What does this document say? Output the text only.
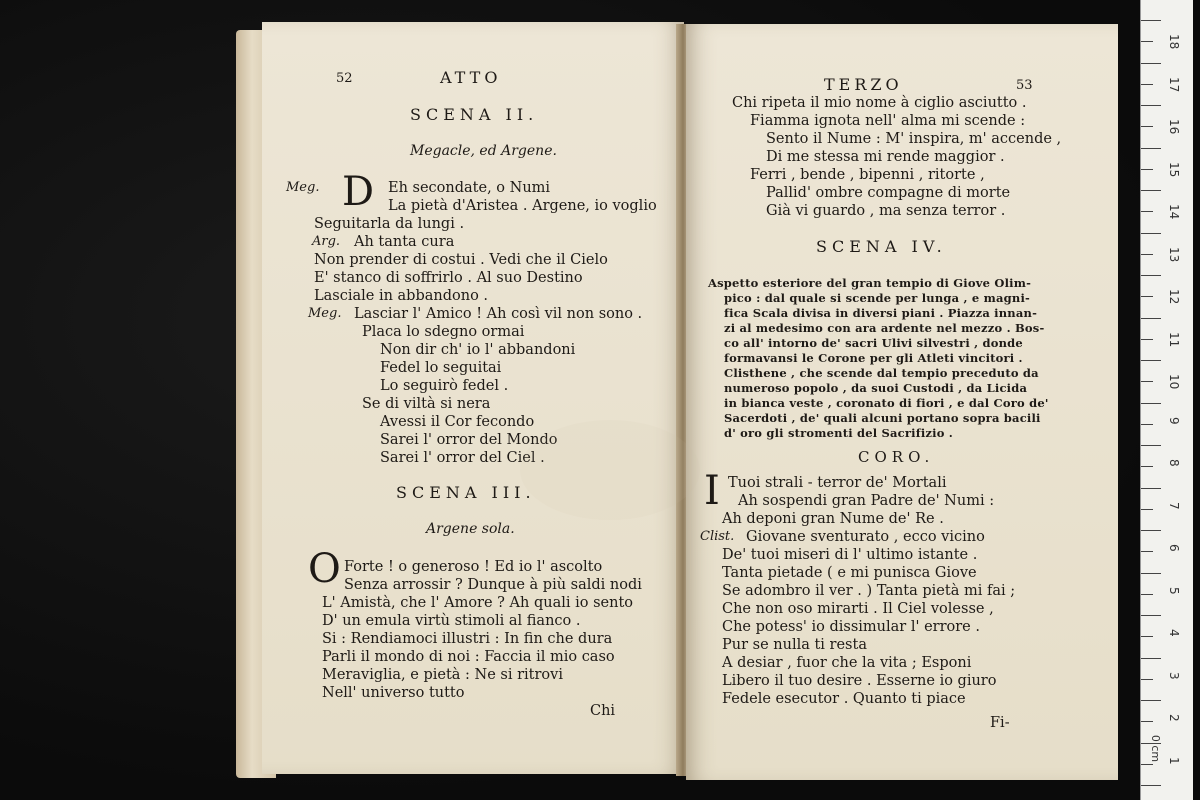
52	ATTO
SCENA II.
Megacle, ed Argene.
D
Meg.	Eh secondate, o Numi
La pietà d'Aristea . Argene, io voglio
Seguitarla da lungi .
Arg. Ah tanta cura
Non prender di costui . Vedi che il Cielo
E' stanco di soffrirlo . Al suo Destino
Lasciale in abbandono .
Meg. Lasciar l' Amico ! Ah così vil non sono .
Placa lo sdegno ormai
Non dir ch' io l' abbandoni
Fedel lo seguitai
Lo seguirò fedel .
Se di viltà si nera
Avessi il Cor fecondo
Sarei l' orror del Mondo
Sarei l' orror del Ciel .
SCENA III.
Argene sola.
O Forte ! o generoso ! Ed io l' ascolto
Senza arrossir ? Dunque à più saldi nodi
L' Amistà, che l' Amore ? Ah quali io sento
D' un emula virtù stimoli al fianco .
Si : Rendiamoci illustri : In fin che dura
Parli il mondo di noi : Faccia il mio caso
Meraviglia, e pietà : Ne si ritrovi
Nell' universo tutto
Chi
TERZO	53
Chi ripeta il mio nome à ciglio asciutto .
Fiamma ignota nell' alma mi scende :
Sento il Nume : M' inspira, m' accende ,
Di me stessa mi rende maggior .
Ferri , bende , bipenni , ritorte ,
Pallid' ombre compagne di morte
Già vi guardo , ma senza terror .
SCENA IV.
Aspetto esteriore del gran tempio di Giove Olim-
pico : dal quale si scende per lunga , e magni-
fica Scala divisa in diversi piani . Piazza innan-
zi al medesimo con ara ardente nel mezzo . Bos-
co all' intorno de' sacri Ulivi silvestri , donde
formavansi le Corone per gli Atleti vincitori .
Clisthene , che scende dal tempio preceduto da
numeroso popolo , da suoi Custodi , da Licida
in bianca veste , coronato di fiori , e dal Coro de'
Sacerdoti , de' quali alcuni portano sopra bacili
d' oro gli stromenti del Sacrifizio .
CORO.
I Tuoi strali - terror de' Mortali
Ah sospendi gran Padre de' Numi :
Ah deponi gran Nume de' Re .
Clist. Giovane sventurato , ecco vicino
De' tuoi miseri di l' ultimo istante .
Tanta pietade ( e mi punisca Giove
Se adombro il ver . ) Tanta pietà mi fai ;
Che non oso mirarti . Il Ciel volesse ,
Che potess' io dissimular l' errore .
Pur se nulla ti resta
A desiar , fuor che la vita ; Esponi
Libero il tuo desire . Esserne io giuro
Fedele esecutor . Quanto ti piace
Fi-
18
17
16
15
14
13
12
11
10
9
8
7
6
5
4
3
2
1
0 cm
